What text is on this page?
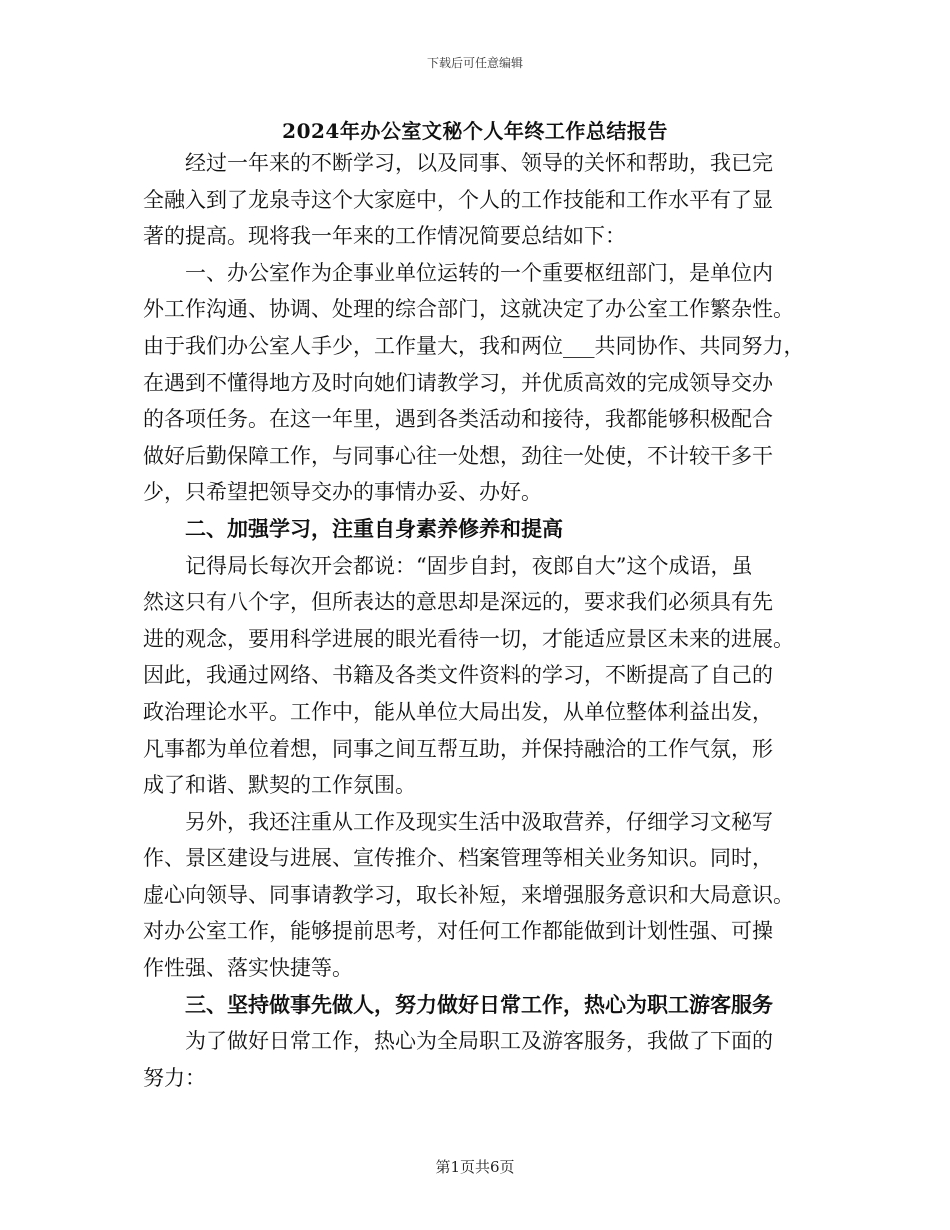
下载后可任意编辑
2024年办公室文秘个人年终工作总结报告
经过一年来的不断学习，以及同事、领导的关怀和帮助，我已完
全融入到了龙泉寺这个大家庭中，个人的工作技能和工作水平有了显
著的提高。现将我一年来的工作情况简要总结如下：
一、办公室作为企事业单位运转的一个重要枢纽部门，是单位内
外工作沟通、协调、处理的综合部门，这就决定了办公室工作繁杂性。
由于我们办公室人手少，工作量大，我和两位___共同协作、共同努力，
在遇到不懂得地方及时向她们请教学习，并优质高效的完成领导交办
的各项任务。在这一年里，遇到各类活动和接待，我都能够积极配合
做好后勤保障工作，与同事心往一处想，劲往一处使，不计较干多干
少，只希望把领导交办的事情办妥、办好。
二、加强学习，注重自身素养修养和提高
记得局长每次开会都说：“固步自封，夜郎自大”这个成语，虽
然这只有八个字，但所表达的意思却是深远的，要求我们必须具有先
进的观念，要用科学进展的眼光看待一切，才能适应景区未来的进展。
因此，我通过网络、书籍及各类文件资料的学习，不断提高了自己的
政治理论水平。工作中，能从单位大局出发，从单位整体利益出发，
凡事都为单位着想，同事之间互帮互助，并保持融洽的工作气氛，形
成了和谐、默契的工作氛围。
另外，我还注重从工作及现实生活中汲取营养，仔细学习文秘写
作、景区建设与进展、宣传推介、档案管理等相关业务知识。同时，
虚心向领导、同事请教学习，取长补短，来增强服务意识和大局意识。
对办公室工作，能够提前思考，对任何工作都能做到计划性强、可操
作性强、落实快捷等。
三、坚持做事先做人，努力做好日常工作，热心为职工游客服务
为了做好日常工作，热心为全局职工及游客服务，我做了下面的
努力：
第1页共6页
